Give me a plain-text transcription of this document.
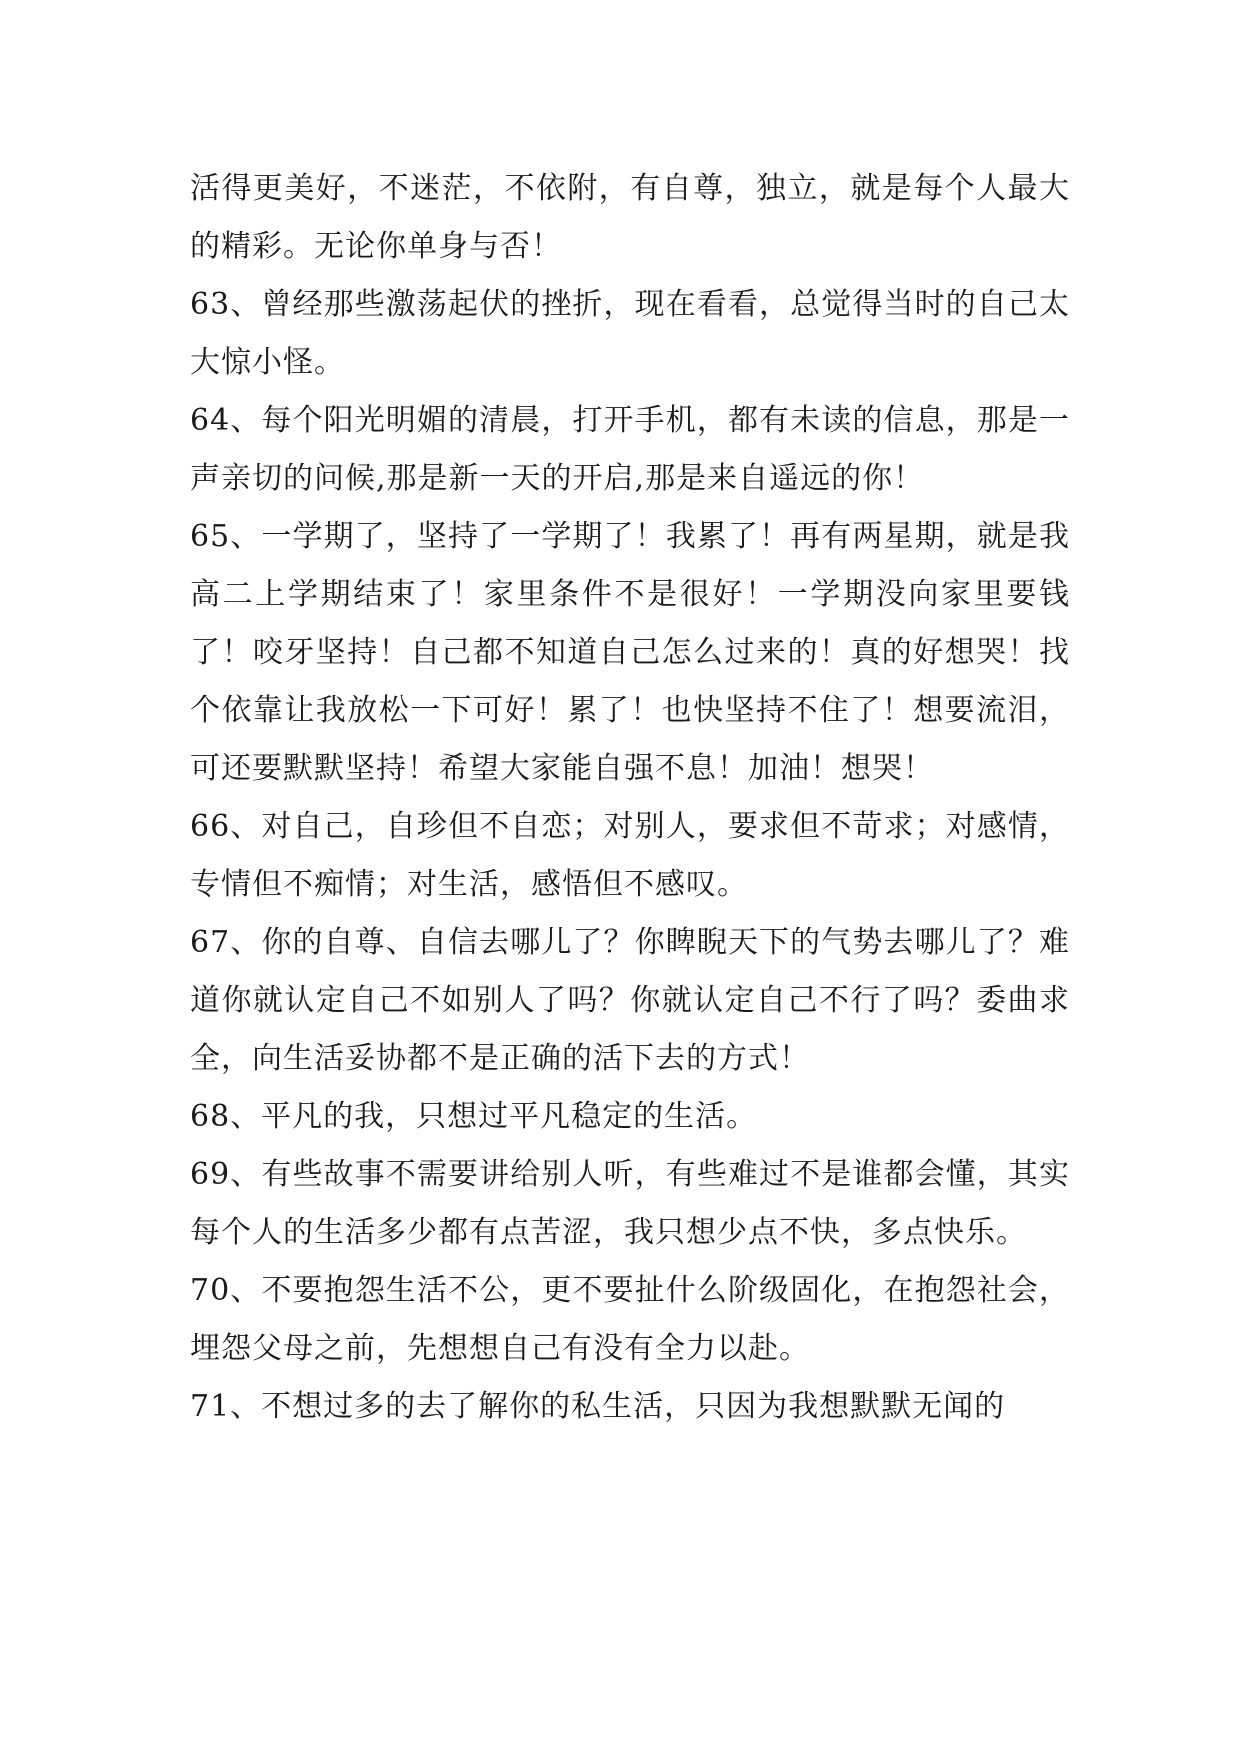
活得更美好，不迷茫，不依附，有自尊，独立，就是每个人最大的精彩。无论你单身与否！

63、曾经那些激荡起伏的挫折，现在看看，总觉得当时的自己太大惊小怪。

64、每个阳光明媚的清晨，打开手机，都有未读的信息，那是一声亲切的问候,那是新一天的开启,那是来自遥远的你！

65、一学期了，坚持了一学期了！我累了！再有两星期，就是我高二上学期结束了！家里条件不是很好！一学期没向家里要钱了！咬牙坚持！自己都不知道自己怎么过来的！真的好想哭！找个依靠让我放松一下可好！累了！也快坚持不住了！想要流泪，可还要默默坚持！希望大家能自强不息！加油！想哭！

66、对自己，自珍但不自恋；对别人，要求但不苛求；对感情，专情但不痴情；对生活，感悟但不感叹。

67、你的自尊、自信去哪儿了？你睥睨天下的气势去哪儿了？难道你就认定自己不如别人了吗？你就认定自己不行了吗？委曲求全，向生活妥协都不是正确的活下去的方式！

68、平凡的我，只想过平凡稳定的生活。

69、有些故事不需要讲给别人听，有些难过不是谁都会懂，其实每个人的生活多少都有点苦涩，我只想少点不快，多点快乐。

70、不要抱怨生活不公，更不要扯什么阶级固化，在抱怨社会，埋怨父母之前，先想想自己有没有全力以赴。

71、不想过多的去了解你的私生活，只因为我想默默无闻的
